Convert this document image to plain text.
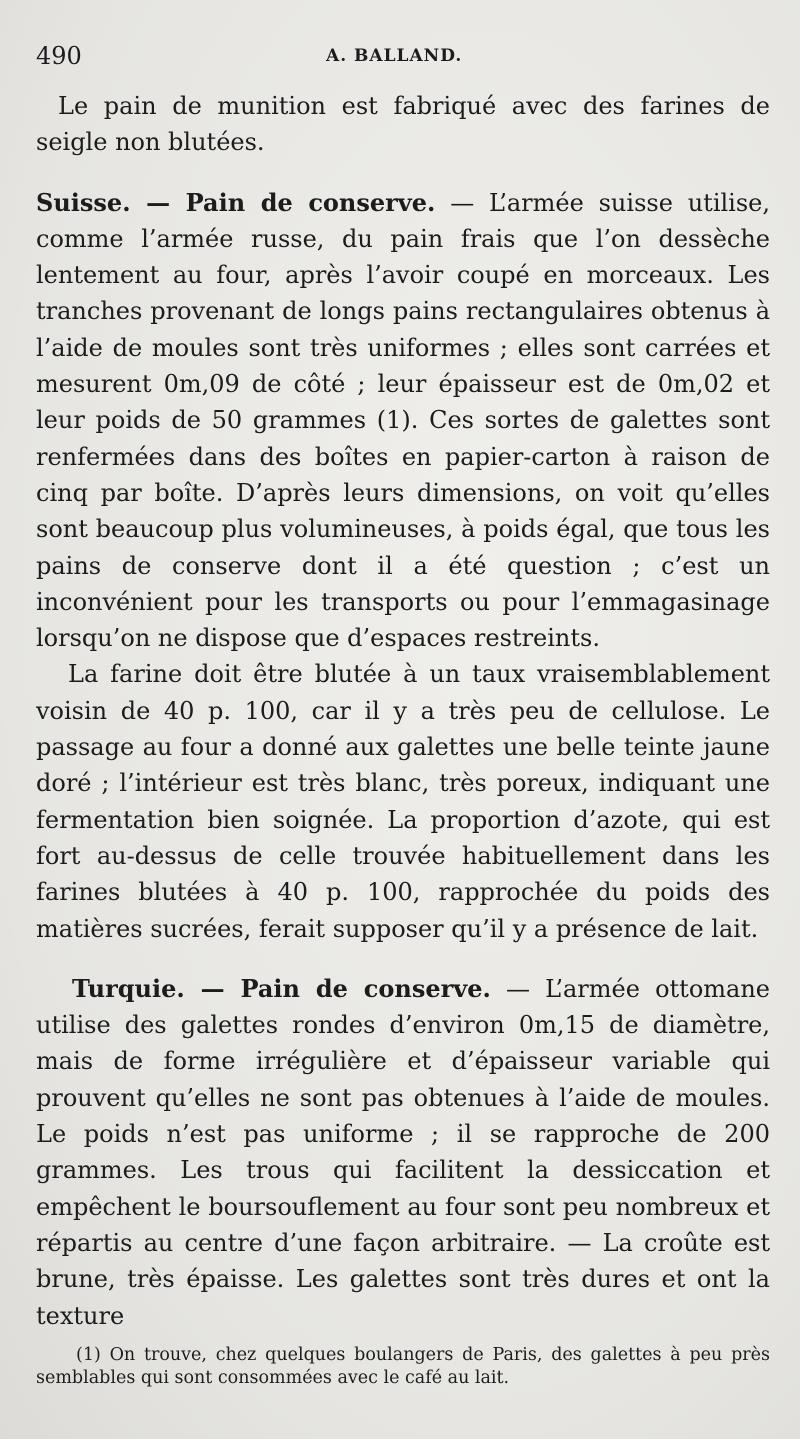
490	A. BALLAND.

Le pain de munition est fabriqué avec des farines de seigle non blutées.

Suisse. — Pain de conserve. — L’armée suisse utilise, comme l’armée russe, du pain frais que l’on dessèche lentement au four, après l’avoir coupé en morceaux. Les tranches provenant de longs pains rectangulaires obtenus à l’aide de moules sont très uniformes ; elles sont carrées et mesurent 0m,09 de côté ; leur épaisseur est de 0m,02 et leur poids de 50 grammes (1). Ces sortes de galettes sont renfermées dans des boîtes en papier-carton à raison de cinq par boîte. D’après leurs dimensions, on voit qu’elles sont beaucoup plus volumineuses, à poids égal, que tous les pains de conserve dont il a été question ; c’est un inconvénient pour les transports ou pour l’emmagasinage lorsqu’on ne dispose que d’espaces restreints.

La farine doit être blutée à un taux vraisemblablement voisin de 40 p. 100, car il y a très peu de cellulose. Le passage au four a donné aux galettes une belle teinte jaune doré ; l’intérieur est très blanc, très poreux, indiquant une fermentation bien soignée. La proportion d’azote, qui est fort au-dessus de celle trouvée habituellement dans les farines blutées à 40 p. 100, rapprochée du poids des matières sucrées, ferait supposer qu’il y a présence de lait.

Turquie. — Pain de conserve. — L’armée ottomane utilise des galettes rondes d’environ 0m,15 de diamètre, mais de forme irrégulière et d’épaisseur variable qui prouvent qu’elles ne sont pas obtenues à l’aide de moules. Le poids n’est pas uniforme ; il se rapproche de 200 grammes. Les trous qui facilitent la dessiccation et empêchent le boursouflement au four sont peu nombreux et répartis au centre d’une façon arbitraire. — La croûte est brune, très épaisse. Les galettes sont très dures et ont la texture

(1) On trouve, chez quelques boulangers de Paris, des galettes à peu près semblables qui sont consommées avec le café au lait.
